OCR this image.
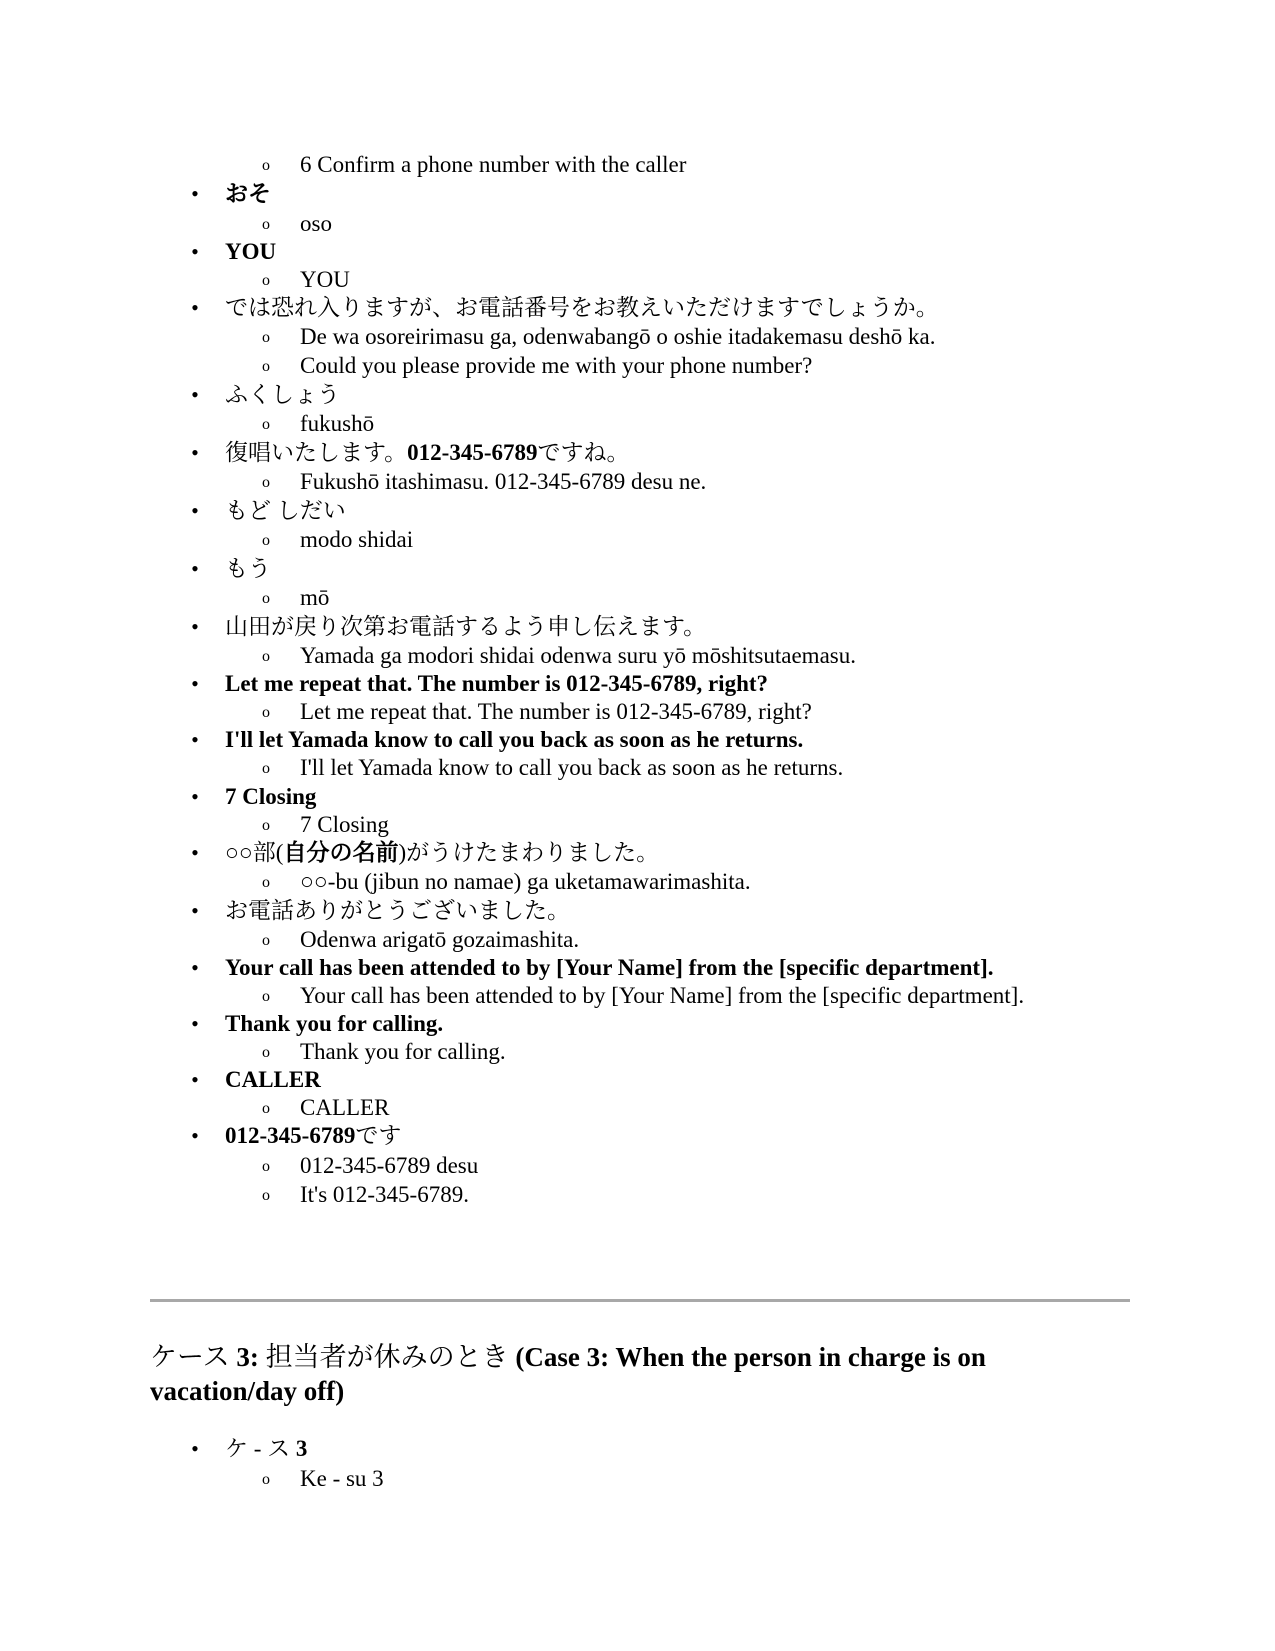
o 6 Confirm a phone number with the caller
•
おそ
o oso
•
YOU
o YOU
•
では恐れ入りますが、お電話番号をお教えいただけますでしょうか。
o De wa osoreirimasu ga, odenwabangō o oshie itadakemasu deshō ka.
o Could you please provide me with your phone number?
•
ふくしょう
o fukushō
•
復唱いたします。012-345-6789ですね。
o Fukushō itashimasu. 012-345-6789 desu ne.
•
もど しだい
o modo shidai
•
もう
o mō
•
山田が戻り次第お電話するよう申し伝えます。
o Yamada ga modori shidai odenwa suru yō mōshitsutaemasu.
•
Let me repeat that. The number is 012-345-6789, right?
o Let me repeat that. The number is 012-345-6789, right?
•
I'll let Yamada know to call you back as soon as he returns.
o I'll let Yamada know to call you back as soon as he returns.
•
7 Closing
o 7 Closing
•
○○部(自分の名前)がうけたまわりました。
o ○○-bu (jibun no namae) ga uketamawarimashita.
•
お電話ありがとうございました。
o Odenwa arigatō gozaimashita.
•
Your call has been attended to by [Your Name] from the [specific department].
o Your call has been attended to by [Your Name] from the [specific department].
•
Thank you for calling.
o Thank you for calling.
•
CALLER
o CALLER
•
012-345-6789です
o 012-345-6789 desu
o It's 012-345-6789.
ケース 3: 担当者が休みのとき (Case 3: When the person in charge is on vacation/day off)
•
ケ - ス 3
o Ke - su 3
